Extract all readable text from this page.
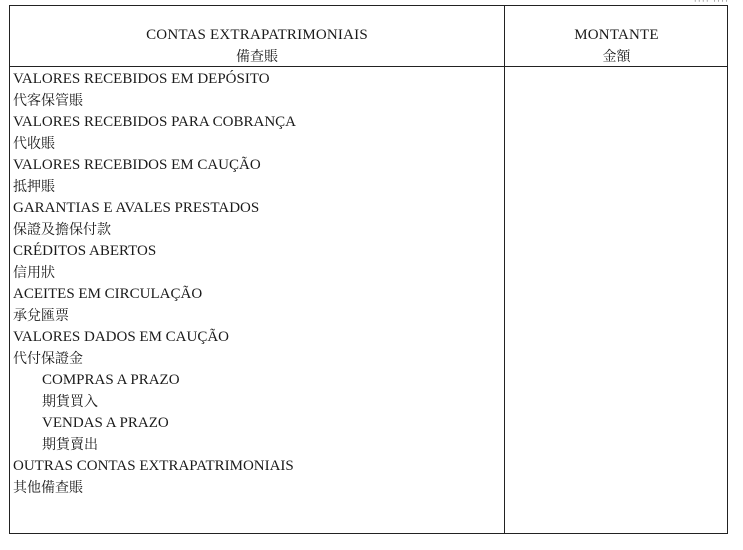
···· ····
CONTAS EXTRAPATRIMONIAIS
備查賬
MONTANTE
金額
VALORES RECEBIDOS EM DEPÓSITO
代客保管賬
VALORES RECEBIDOS PARA COBRANÇA
代收賬
VALORES RECEBIDOS EM CAUÇÃO
抵押賬
GARANTIAS E AVALES PRESTADOS
保證及擔保付款
CRÉDITOS ABERTOS
信用狀
ACEITES EM CIRCULAÇÃO
承兌匯票
VALORES DADOS EM CAUÇÃO
代付保證金
COMPRAS A PRAZO
期貨買入
VENDAS A PRAZO
期貨賣出
OUTRAS CONTAS EXTRAPATRIMONIAIS
其他備查賬
